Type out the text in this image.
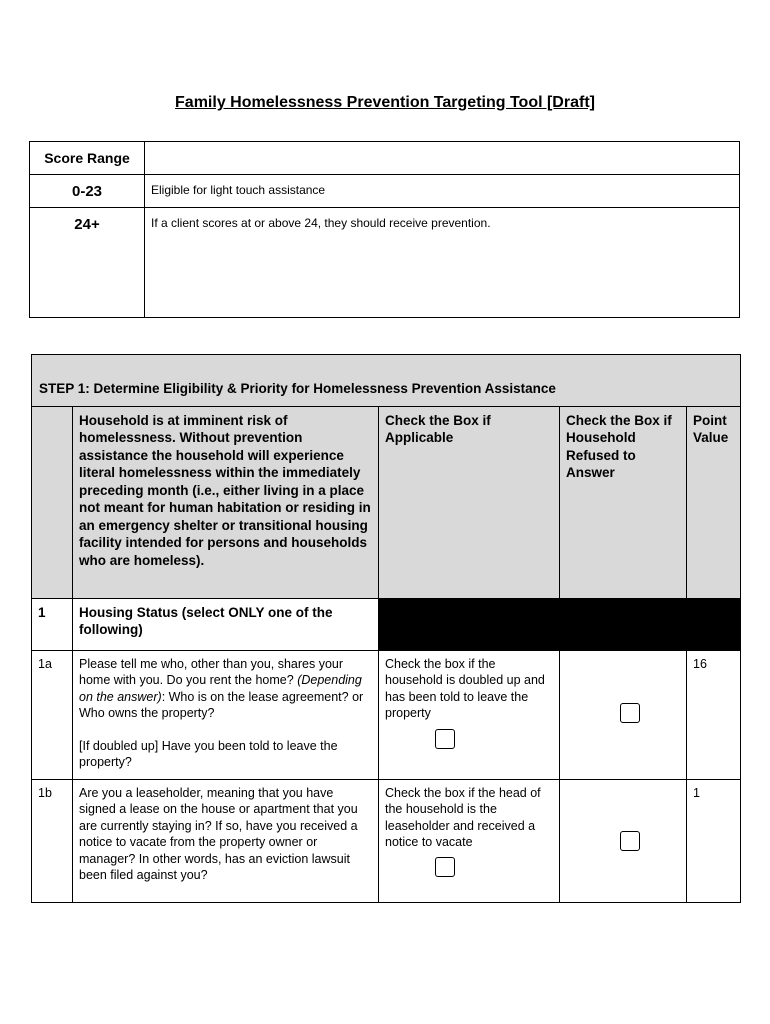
Family Homelessness Prevention Targeting Tool [Draft]
Score Range	
0-23	Eligible for light touch assistance
24+	If a client scores at or above 24, they should receive prevention.
STEP 1: Determine Eligibility & Priority for Homelessness Prevention Assistance				
	Household is at imminent risk of homelessness. Without prevention assistance the household will experience literal homelessness within the immediately preceding month (i.e., either living in a place not meant for human habitation or residing in an emergency shelter or transitional housing facility intended for persons and households who are homeless).	Check the Box if Applicable	Check the Box if Household Refused to Answer	Point Value
1	Housing Status (select ONLY one of the following)			
1a	Please tell me who, other than you, shares your home with you. Do you rent the home? (Depending on the answer): Who is on the lease agreement? or Who owns the property?

[If doubled up] Have you been told to leave the property?	Check the box if the household is doubled up and has been told to leave the property		16
1b	Are you a leaseholder, meaning that you have signed a lease on the house or apartment that you are currently staying in? If so, have you received a notice to vacate from the property owner or manager? In other words, has an eviction lawsuit been filed against you?	Check the box if the head of the household is the leaseholder and received a notice to vacate		1
